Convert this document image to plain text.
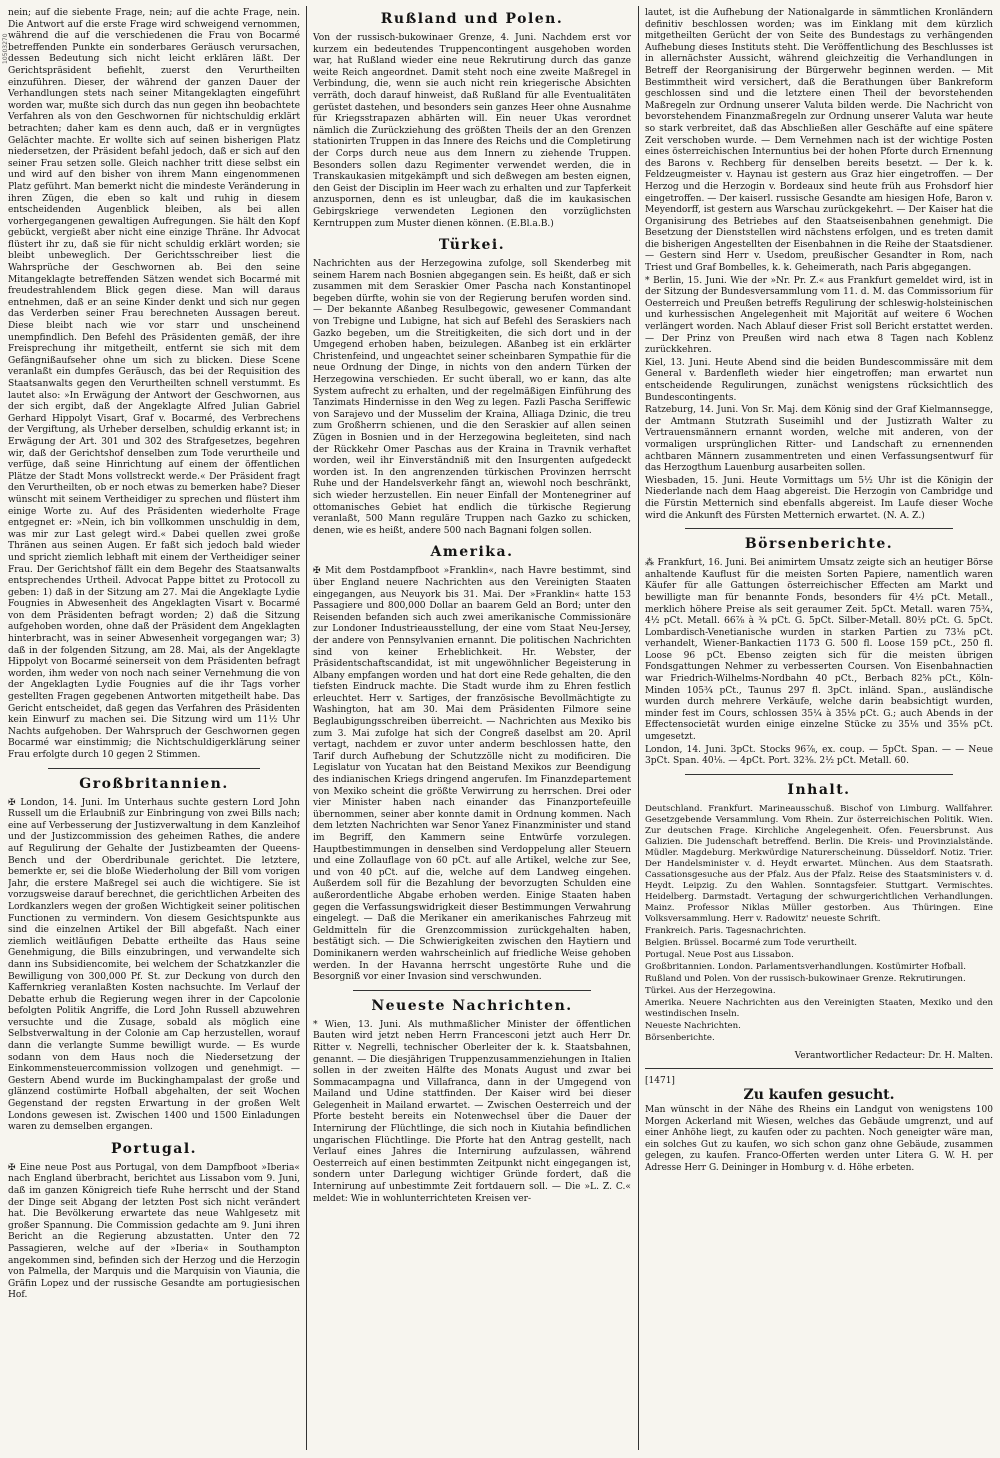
10503270

nein; auf die siebente Frage, nein; auf die achte Frage, nein. Die Antwort auf die erste Frage wird schweigend vernommen, während die auf die verschiedenen die Frau von Bocarmé betreffenden Punkte ein sonderbares Geräusch verursachen, dessen Bedeutung sich nicht leicht erklären läßt. Der Gerichtspräsident befiehlt, zuerst den Verurtheilten einzuführen. Dieser, der während der ganzen Dauer der Verhandlungen stets nach seiner Mitangeklagten eingeführt worden war, mußte sich durch das nun gegen ihn beobachtete Verfahren als von den Geschwornen für nichtschuldig erklärt betrachten; daher kam es denn auch, daß er in vergnügtes Gelächter machte. Er wollte sich auf seinen bisherigen Platz niedersetzen, der Präsident befahl jedoch, daß er sich auf den seiner Frau setzen solle. Gleich nachher tritt diese selbst ein und wird auf den bisher von ihrem Mann eingenommenen Platz geführt. Man bemerkt nicht die mindeste Veränderung in ihren Zügen, die eben so kalt und ruhig in diesem entscheidenden Augenblick bleiben, als bei allen vorhergegangenen gewaltigen Aufregungen. Sie hält den Kopf gebückt, vergießt aber nicht eine einzige Thräne. Ihr Advocat flüstert ihr zu, daß sie für nicht schuldig erklärt worden; sie bleibt unbeweglich. Der Gerichtsschreiber liest die Wahrsprüche der Geschwornen ab. Bei den seine Mitangeklagte betreffenden Sätzen wendet sich Bocarmé mit freudestrahlendem Blick gegen diese. Man will daraus entnehmen, daß er an seine Kinder denkt und sich nur gegen das Verderben seiner Frau berechneten Aussagen bereut. Diese bleibt nach wie vor starr und unscheinend unempfindlich. Den Befehl des Präsidenten gemäß, der ihre Freisprechung ihr mitgetheilt, entfernt sie sich mit dem Gefängnißaufseher ohne um sich zu blicken. Diese Scene veranlaßt ein dumpfes Geräusch, das bei der Requisition des Staatsanwalts gegen den Verurtheilten schnell verstummt. Es lautet also: »In Erwägung der Antwort der Geschwornen, aus der sich ergibt, daß der Angeklagte Alfred Julian Gabriel Gerhard Hippolyt Visart, Graf v. Bocarmé, des Verbrechens der Vergiftung, als Urheber derselben, schuldig erkannt ist; in Erwägung der Art. 301 und 302 des Strafgesetzes, begehren wir, daß der Gerichtshof denselben zum Tode verurtheile und verfüge, daß seine Hinrichtung auf einem der öffentlichen Plätze der Stadt Mons vollstreckt werde.« Der Präsident fragt den Verurtheilten, ob er noch etwas zu bemerken habe? Dieser wünscht mit seinem Vertheidiger zu sprechen und flüstert ihm einige Worte zu. Auf des Präsidenten wiederholte Frage entgegnet er: »Nein, ich bin vollkommen unschuldig in dem, was mir zur Last gelegt wird.« Dabei quellen zwei große Thränen aus seinen Augen. Er faßt sich jedoch bald wieder und spricht ziemlich lebhaft mit einem der Vertheidiger seiner Frau. Der Gerichtshof fällt ein dem Begehr des Staatsanwalts entsprechendes Urtheil. Advocat Pappe bittet zu Protocoll zu geben: 1) daß in der Sitzung am 27. Mai die Angeklagte Lydie Fougnies in Abwesenheit des Angeklagten Visart v. Bocarmé von dem Präsidenten befragt worden; 2) daß die Sitzung aufgehoben worden, ohne daß der Präsident dem Angeklagten hinterbracht, was in seiner Abwesenheit vorgegangen war; 3) daß in der folgenden Sitzung, am 28. Mai, als der Angeklagte Hippolyt von Bocarmé seinerseit von dem Präsidenten befragt worden, ihm weder von noch nach seiner Vernehmung die von der Angeklagten Lydie Fougnies auf die ihr Tags vorher gestellten Fragen gegebenen Antworten mitgetheilt habe. Das Gericht entscheidet, daß gegen das Verfahren des Präsidenten kein Einwurf zu machen sei. Die Sitzung wird um 11½ Uhr Nachts aufgehoben. Der Wahrspruch der Geschwornen gegen Bocarmé war einstimmig; die Nichtschuldigerklärung seiner Frau erfolgte durch 10 gegen 2 Stimmen.

Großbritannien.

✠ London, 14. Juni. Im Unterhaus suchte gestern Lord John Russell um die Erlaubniß zur Einbringung von zwei Bills nach; eine auf Verbesserung der Justizverwaltung in dem Kanzleihof und der Justizcommission des geheimen Rathes, die andere auf Regulirung der Gehalte der Justizbeamten der Queens-Bench und der Oberdribunale gerichtet. Die letztere, bemerkte er, sei die bloße Wiederholung der Bill vom vorigen Jahr, die erstere Maßregel sei auch die wichtigere. Sie ist vorzugsweise darauf berechnet, die gerichtlichen Arbeiten des Lordkanzlers wegen der großen Wichtigkeit seiner politischen Functionen zu vermindern. Von diesem Gesichtspunkte aus sind die einzelnen Artikel der Bill abgefaßt. Nach einer ziemlich weitläufigen Debatte ertheilte das Haus seine Genehmigung, die Bills einzubringen, und verwandelte sich dann ins Subsidiencomite, bei welchem der Schatzkanzler die Bewilligung von 300,000 Pf. St. zur Deckung von durch den Kaffernkrieg veranlaßten Kosten nachsuchte. Im Verlauf der Debatte erhub die Regierung wegen ihrer in der Capcolonie befolgten Politik Angriffe, die Lord John Russell abzuwehren versuchte und die Zusage, sobald als möglich eine Selbstverwaltung in der Colonie am Cap herzustellen, worauf dann die verlangte Summe bewilligt wurde. — Es wurde sodann von dem Haus noch die Niedersetzung der Einkommensteuercommission vollzogen und genehmigt. — Gestern Abend wurde im Buckinghampalast der große und glänzend costümirte Hofball abgehalten, der seit Wochen Gegenstand der regsten Erwartung in der großen Welt Londons gewesen ist. Zwischen 1400 und 1500 Einladungen waren zu demselben ergangen.

Portugal.

✠ Eine neue Post aus Portugal, von dem Dampfboot »Iberia« nach England überbracht, berichtet aus Lissabon vom 9. Juni, daß im ganzen Königreich tiefe Ruhe herrscht und der Stand der Dinge seit Abgang der letzten Post sich nicht verändert hat. Die Bevölkerung erwartete das neue Wahlgesetz mit großer Spannung. Die Commission gedachte am 9. Juni ihren Bericht an die Regierung abzustatten. Unter den 72 Passagieren, welche auf der »Iberia« in Southampton angekommen sind, befinden sich der Herzog und die Herzogin von Palmella, der Marquis und die Marquisin von Viaunia, die Gräfin Lopez und der russische Gesandte am portugiesischen Hof.

Rußland und Polen.

Von der russisch-bukowinaer Grenze, 4. Juni. Nachdem erst vor kurzem ein bedeutendes Truppencontingent ausgehoben worden war, hat Rußland wieder eine neue Rekrutirung durch das ganze weite Reich angeordnet. Damit steht noch eine zweite Maßregel in Verbindung, die, wenn sie auch nicht rein kriegerische Absichten verräth, doch darauf hinweist, daß Rußland für alle Eventualitäten gerüstet dastehen, und besonders sein ganzes Heer ohne Ausnahme für Kriegsstrapazen abhärten will. Ein neuer Ukas verordnet nämlich die Zurückziehung des größten Theils der an den Grenzen stationirten Truppen in das Innere des Reichs und die Completirung der Corps durch neue aus dem Innern zu ziehende Truppen. Besonders sollen dazu Regimenter verwendet werden, die in Transkaukasien mitgekämpft und sich deßwegen am besten eignen, den Geist der Disciplin im Heer wach zu erhalten und zur Tapferkeit anzuspornen, denn es ist unleugbar, daß die im kaukasischen Gebirgskriege verwendeten Legionen den vorzüglichsten Kerntruppen zum Muster dienen können. (E.Bl.a.B.)

Türkei.

Nachrichten aus der Herzegowina zufolge, soll Skenderbeg mit seinem Harem nach Bosnien abgegangen sein. Es heißt, daß er sich zusammen mit dem Seraskier Omer Pascha nach Konstantinopel begeben dürfte, wohin sie von der Regierung berufen worden sind. — Der bekannte Aßanbeg Resulbegowic, gewesener Commandant von Trebigne und Lubigne, hat sich auf Befehl des Seraskiers nach Gazko begeben, um die Streitigkeiten, die sich dort und in der Umgegend erhoben haben, beizulegen. Aßanbeg ist ein erklärter Christenfeind, und ungeachtet seiner scheinbaren Sympathie für die neue Ordnung der Dinge, in nichts von den andern Türken der Herzegowina verschieden. Er sucht überall, wo er kann, das alte System aufrecht zu erhalten, und der regelmäßigen Einführung des Tanzimats Hindernisse in den Weg zu legen. Fazli Pascha Seriffewic von Sarajevo und der Musselim der Kraina, Alliaga Dzinic, die treu zum Großherrn schienen, und die den Seraskier auf allen seinen Zügen in Bosnien und in der Herzegowina begleiteten, sind nach der Rückkehr Omer Paschas aus der Kraina in Travnik verhaftet worden, weil ihr Einverständniß mit den Insurgenten aufgedeckt worden ist. In den angrenzenden türkischen Provinzen herrscht Ruhe und der Handelsverkehr fängt an, wiewohl noch beschränkt, sich wieder herzustellen. Ein neuer Einfall der Montenegriner auf ottomanisches Gebiet hat endlich die türkische Regierung veranlaßt, 500 Mann reguläre Truppen nach Gazko zu schicken, denen, wie es heißt, andere 500 nach Bagnani folgen sollen.

Amerika.

✠ Mit dem Postdampfboot »Franklin«, nach Havre bestimmt, sind über England neuere Nachrichten aus den Vereinigten Staaten eingegangen, aus Neuyork bis 31. Mai. Der »Franklin« hatte 153 Passagiere und 800,000 Dollar an baarem Geld an Bord; unter den Reisenden befanden sich auch zwei amerikanische Commissionäre zur Londoner Industrieausstellung, der eine vom Staat Neu-Jersey, der andere von Pennsylvanien ernannt. Die politischen Nachrichten sind von keiner Erheblichkeit. Hr. Webster, der Präsidentschaftscandidat, ist mit ungewöhnlicher Begeisterung in Albany empfangen worden und hat dort eine Rede gehalten, die den tiefsten Eindruck machte. Die Stadt wurde ihm zu Ehren festlich erleuchtet. Herr v. Sartiges, der französische Bevollmächtigte zu Washington, hat am 30. Mai dem Präsidenten Filmore seine Beglaubigungsschreiben überreicht. — Nachrichten aus Mexiko bis zum 3. Mai zufolge hat sich der Congreß daselbst am 20. April vertagt, nachdem er zuvor unter anderm beschlossen hatte, den Tarif durch Aufhebung der Schutzzölle nicht zu modificiren. Die Legislatur von Yucatan hat den Beistand Mexikos zur Beendigung des indianischen Kriegs dringend angerufen. Im Finanzdepartement von Mexiko scheint die größte Verwirrung zu herrschen. Drei oder vier Minister haben nach einander das Finanzportefeuille übernommen, seiner aber konnte damit in Ordnung kommen. Nach dem letzten Nachrichten war Senor Yanez Finanzminister und stand im Begriff, den Kammern seine Entwürfe vorzulegen. Hauptbestimmungen in denselben sind Verdoppelung aller Steuern und eine Zollauflage von 60 pCt. auf alle Artikel, welche zur See, und von 40 pCt. auf die, welche auf dem Landweg eingehen. Außerdem soll für die Bezahlung der bevorzugten Schulden eine außerordentliche Abgabe erhoben werden. Einige Staaten haben gegen die Verfassungswidrigkeit dieser Bestimmungen Verwahrung eingelegt. — Daß die Merikaner ein amerikanisches Fahrzeug mit Geldmitteln für die Grenzcommission zurückgehalten haben, bestätigt sich. — Die Schwierigkeiten zwischen den Haytiern und Dominikanern werden wahrscheinlich auf friedliche Weise gehoben werden. In der Havanna herrscht ungestörte Ruhe und die Besorgniß vor einer Invasion sind verschwunden.

Neueste Nachrichten.

* Wien, 13. Juni. Als muthmaßlicher Minister der öffentlichen Bauten wird jetzt neben Herrn Francesconi jetzt auch Herr Dr. Ritter v. Negrelli, technischer Oberleiter der k. k. Staatsbahnen, genannt. — Die diesjährigen Truppenzusammenziehungen in Italien sollen in der zweiten Hälfte des Monats August und zwar bei Sommacampagna und Villafranca, dann in der Umgegend von Mailand und Udine stattfinden. Der Kaiser wird bei dieser Gelegenheit in Mailand erwartet. — Zwischen Oesterreich und der Pforte besteht bereits ein Notenwechsel über die Dauer der Internirung der Flüchtlinge, die sich noch in Kiutahia befindlichen ungarischen Flüchtlinge. Die Pforte hat den Antrag gestellt, nach Verlauf eines Jahres die Internirung aufzulassen, während Oesterreich auf einen bestimmten Zeitpunkt nicht eingegangen ist, sondern unter Darlegung wichtiger Gründe fordert, daß die Internirung auf unbestimmte Zeit fortdauern soll. — Die »L. Z. C.« meldet: Wie in wohlunterrichteten Kreisen ver-

lautet, ist die Aufhebung der Nationalgarde in sämmtlichen Kronländern definitiv beschlossen worden; was im Einklang mit dem kürzlich mitgetheilten Gerücht der von Seite des Bundestags zu verhängenden Aufhebung dieses Instituts steht. Die Veröffentlichung des Beschlusses ist in allernächster Aussicht, während gleichzeitig die Verhandlungen in Betreff der Reorganisirung der Bürgerwehr beginnen werden. — Mit Bestimmtheit wird versichert, daß die Berathungen über Bankreform geschlossen sind und die letztere einen Theil der bevorstehenden Maßregeln zur Ordnung unserer Valuta bilden werde. Die Nachricht von bevorstehendem Finanzmaßregeln zur Ordnung unserer Valuta war heute so stark verbreitet, daß das Abschließen aller Geschäfte auf eine spätere Zeit verschoben wurde. — Dem Vernehmen nach ist der wichtige Posten eines österreichischen Internuntius bei der hohen Pforte durch Ernennung des Barons v. Rechberg für denselben bereits besetzt. — Der k. k. Feldzeugmeister v. Haynau ist gestern aus Graz hier eingetroffen. — Der Herzog und die Herzogin v. Bordeaux sind heute früh aus Frohsdorf hier eingetroffen. — Der kaiserl. russische Gesandte am hiesigen Hofe, Baron v. Meyendorff, ist gestern aus Warschau zurückgekehrt. — Der Kaiser hat die Organisirung des Betriebes auf den Staatseisenbahnen genehmigt. Die Besetzung der Dienststellen wird nächstens erfolgen, und es treten damit die bisherigen Angestellten der Eisenbahnen in die Reihe der Staatsdiener. — Gestern sind Herr v. Usedom, preußischer Gesandter in Rom, nach Triest und Graf Bombelles, k. k. Geheimerath, nach Paris abgegangen.

* Berlin, 15. Juni. Wie der »Nr. Pr. Z.« aus Frankfurt gemeldet wird, ist in der Sitzung der Bundesversammlung vom 11. d. M. das Commissorium für Oesterreich und Preußen betreffs Regulirung der schleswig-holsteinischen und kurhessischen Angelegenheit mit Majorität auf weitere 6 Wochen verlängert worden. Nach Ablauf dieser Frist soll Bericht erstattet werden. — Der Prinz von Preußen wird nach etwa 8 Tagen nach Koblenz zurückkehren.

Kiel, 13. Juni. Heute Abend sind die beiden Bundescommissäre mit dem General v. Bardenfleth wieder hier eingetroffen; man erwartet nun entscheidende Regulirungen, zunächst wenigstens rücksichtlich des Bundescontingents.

Ratzeburg, 14. Juni. Von Sr. Maj. dem König sind der Graf Kielmannsegge, der Amtmann Stutzrath Suseimihl und der Justizrath Walter zu Vertrauensmännern ernannt worden, welche mit anderen, von der vormaligen ursprünglichen Ritter- und Landschaft zu ernennenden achtbaren Männern zusammentreten und einen Verfassungsentwurf für das Herzogthum Lauenburg ausarbeiten sollen.

Wiesbaden, 15. Juni. Heute Vormittags um 5½ Uhr ist die Königin der Niederlande nach dem Haag abgereist. Die Herzogin von Cambridge und die Fürstin Metternich sind ebenfalls abgereist. Im Laufe dieser Woche wird die Ankunft des Fürsten Metternich erwartet. (N. A. Z.)

Börsenberichte.

⁂ Frankfurt, 16. Juni. Bei animirtem Umsatz zeigte sich an heutiger Börse anhaltende Kauflust für die meisten Sorten Papiere, namentlich waren Käufer für alle Gattungen österreichischer Effecten am Markt und bewilligte man für benannte Fonds, besonders für 4½ pCt. Metall., merklich höhere Preise als seit geraumer Zeit. 5pCt. Metall. waren 75¾, 4½ pCt. Metall. 66⅞ à ¾ pCt. G. 5pCt. Silber-Metall. 80½ pCt. G. 5pCt. Lombardisch-Venetianische wurden in starken Partien zu 73⅛ pCt. verhandelt, Wiener-Bankactien 1173 G. 500 fl. Loose 159 pCt., 250 fl. Loose 96 pCt. Ebenso zeigten sich für die meisten übrigen Fondsgattungen Nehmer zu verbesserten Coursen. Von Eisenbahnactien war Friedrich-Wilhelms-Nordbahn 40 pCt., Berbach 82⅝ pCt., Köln-Minden 105¾ pCt., Taunus 297 fl. 3pCt. inländ. Span., ausländische wurden durch mehrere Verkäufe, welche darin beabsichtigt wurden, minder fest im Cours, schlossen 35¼ à 35⅛ pCt. G.; auch Abends in der Effectensocietät wurden einige einzelne Stücke zu 35⅛ und 35⅛ pCt. umgesetzt.

London, 14. Juni. 3pCt. Stocks 96⅞, ex. coup. — 5pCt. Span. — — Neue 3pCt. Span. 40⅛. — 4pCt. Port. 32⅜. 2½ pCt. Metall. 60.

Inhalt.

Deutschland. Frankfurt. Marineausschuß. Bischof von Limburg. Wallfahrer. Gesetzgebende Versammlung. Vom Rhein. Zur österreichischen Politik. Wien. Zur deutschen Frage. Kirchliche Angelegenheit. Ofen. Feuersbrunst. Aus Galizien. Die Judenschaft betreffend. Berlin. Die Kreis- und Provinzialstände. Müdler. Magdeburg. Merkwürdige Naturerscheinung. Düsseldorf. Notiz. Trier. Der Handelsminister v. d. Heydt erwartet. München. Aus dem Staatsrath. Cassationsgesuche aus der Pfalz. Aus der Pfalz. Reise des Staatsministers v. d. Heydt. Leipzig. Zu den Wahlen. Sonntagsfeier. Stuttgart. Vermischtes. Heidelberg. Darmstadt. Vertagung der schwurgerichtlichen Verhandlungen. Mainz. Professor Niklas Müller gestorben. Aus Thüringen. Eine Volksversammlung. Herr v. Radowitz' neueste Schrift.

Frankreich. Paris. Tagesnachrichten.

Belgien. Brüssel. Bocarmé zum Tode verurtheilt.

Portugal. Neue Post aus Lissabon.

Großbritannien. London. Parlamentsverhandlungen. Kostümirter Hofball.

Rußland und Polen. Von der russisch-bukowinaer Grenze. Rekrutirungen.

Türkei. Aus der Herzegowina.

Amerika. Neuere Nachrichten aus den Vereinigten Staaten, Mexiko und den westindischen Inseln.

Neueste Nachrichten.

Börsenberichte.

Verantwortlicher Redacteur: Dr. H. Malten.
[1471]
Zu kaufen gesucht.

Man wünscht in der Nähe des Rheins ein Landgut von wenigstens 100 Morgen Ackerland mit Wiesen, welches das Gebäude umgrenzt, und auf einer Anhöhe liegt, zu kaufen oder zu pachten. Noch geneigter wäre man, ein solches Gut zu kaufen, wo sich schon ganz ohne Gebäude, zusammen gelegen, zu kaufen. Franco-Offerten werden unter Litera G. W. H. per Adresse Herr G. Deininger in Homburg v. d. Höhe erbeten.
